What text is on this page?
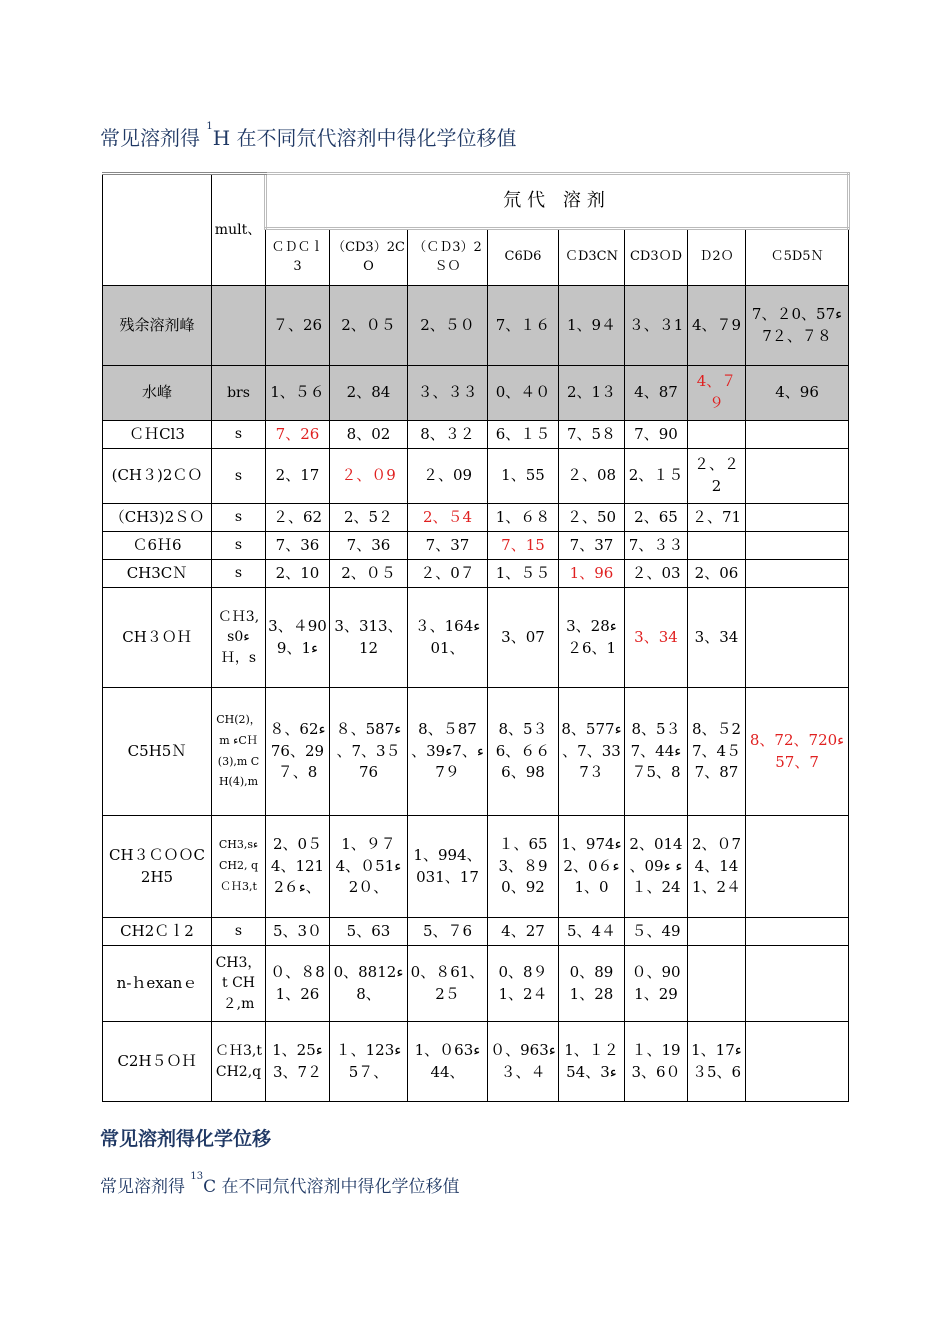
常见溶剂得 $^1$H 在不同氘代溶剂中得化学位移值
	mult、	氘代 溶剂							
		ＣＤＣｌ3	（CD3）2CO	（ＣＤ3）2ＳＯ	C6D6	ＣD3CN	CD3ＯD	Ｄ2Ｏ	Ｃ5D5Ｎ
残余溶剂峰		７、26	2、０５	2、５０	7、１６	1、9４	３、３1	4、７9	7、２0ء57、７８、7２
水峰	brs	1、５６	2、84	３、３３	0、４０	2、1３	4、87	4、７９	4、96
ＣＨCl3	s	7、26	8、02	8、３２	6、１５	7、5８	7、90		
(CH３)2ＣＯ	s	2、17	２、０9	２、09	1、55	２、08	2、１５	２、２2	
（CH3)2ＳＯ	s	２、62	2、5２	2、５4	1、６８	２、50	2、65	２、71	
Ｃ6Ｈ6	s	7、36	7、36	7、37	7、15	7、37	7、３３		
CH3CＮ	s	2、10	2、０５	２、0７	1、５５	1、96	２、03	2、06	
CH３ＯＨ	ＣＨ3, sء0Ｈ，s	3、４909、1ء	3、313、12	３、164ء01、	3、07	3、28ء1、２6	3、34	3、34	
C5H5Ｎ	CH(2)，m ءCＨ(3),m CH(4),m	８、62ء29、768、７	８、587ء3５、7、76	8、５87ء、7ء39、7９	8、5３6、６６6、98	8、577ء33、7、7３	8、5３7、44ء8、７5	8、５27、4５7、87	8、72、7ء207、57
CH３ＣＯＯC2H5	CH3,sء CH2, q ＣＨ3,t	2、0５4、121ء2６、	1、９７4、０51ء2０、	1、994、031、17	１、653、８90、92	1、974ء ء0６、20、1	2、014ء ء09、24、１	2、０74、141、2４	
CH2Ｃｌ2	s	5、3０	5、63	5、７6	4、27	5、4４	５、49		
n-ｈexanｅ	CH3，t CH２,m	０、８81、26	0、881ء28、	0、８61、2５	0、8９1、2４	0、891、28	０、901、29		
C2H５ＯＨ	ＣＨ3,t CH2,q	1、25ء7２、3	１、123ء5７、	1、０63ء44、	０、96ء3４、３	1、１２54、3ء	１、193、6０	1、17ء6、３5	
常见溶剂得化学位移
常见溶剂得 $^{13}$C 在不同氘代溶剂中得化学位移值
